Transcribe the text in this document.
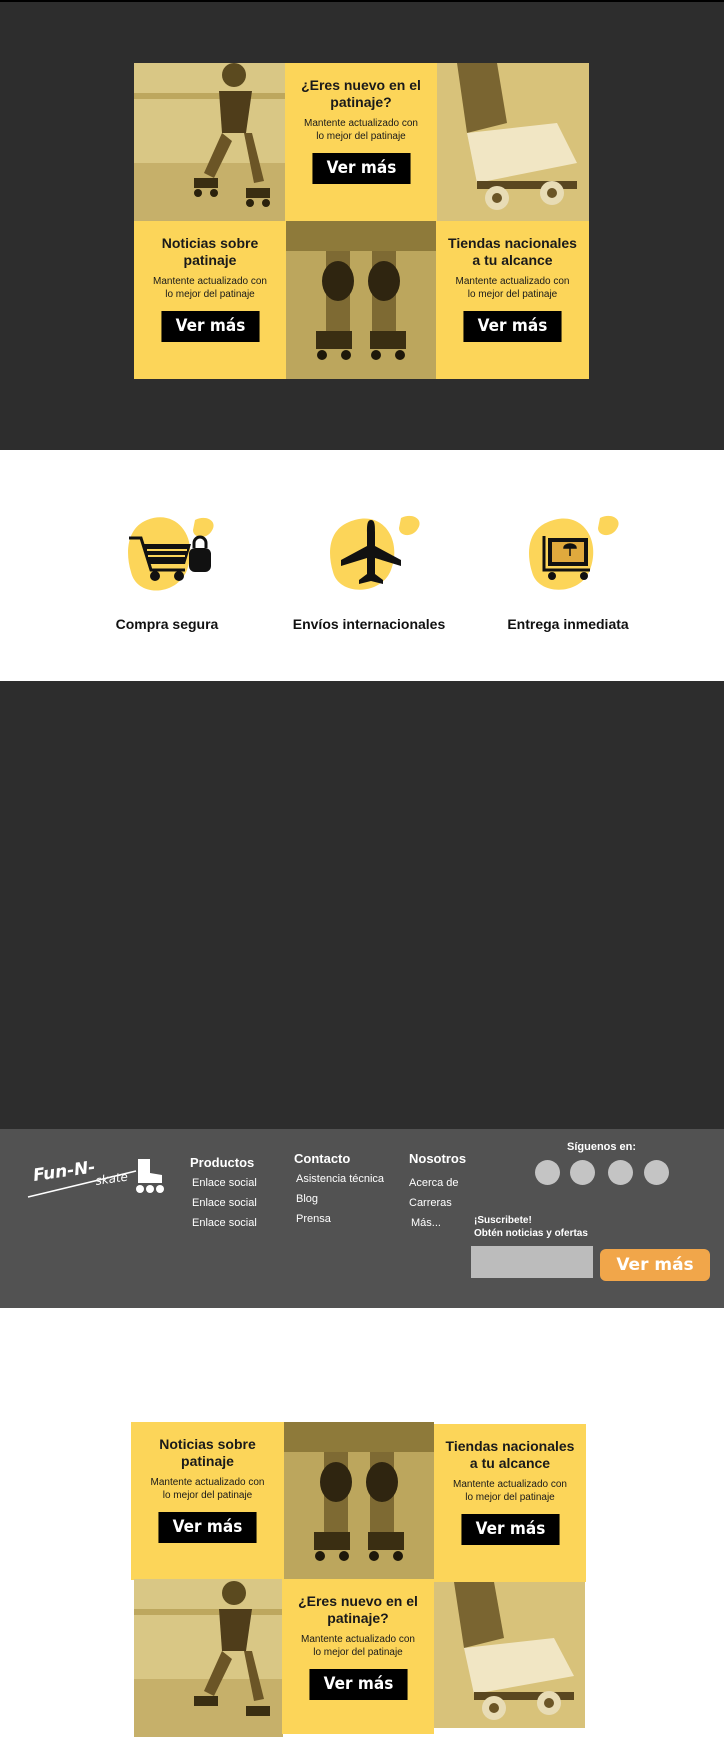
¿Eres nuevo en el patinaje?
Mantente actualizado con lo mejor del patinaje
Ver más
Noticias sobre patinaje
Mantente actualizado con lo mejor del patinaje
Ver más
Tiendas nacionales a tu alcance
Mantente actualizado con lo mejor del patinaje
Ver más
Compra segura	Envíos internacionales	Entrega inmediata
Noticias sobre patinaje
Mantente actualizado con lo mejor del patinaje
Ver más
Tiendas nacionales a tu alcance
Mantente actualizado con lo mejor del patinaje
Ver más
¿Eres nuevo en el patinaje?
Mantente actualizado con lo mejor del patinaje
Ver más
Fun-N-
skate
Productos
Enlace social
Enlace social
Enlace social
Contacto
Asistencia técnica
Blog
Prensa
Nosotros
Acerca de
Carreras
Más...
Síguenos en:
¡Suscribete!
Obtén noticias y ofertas
Ver más
